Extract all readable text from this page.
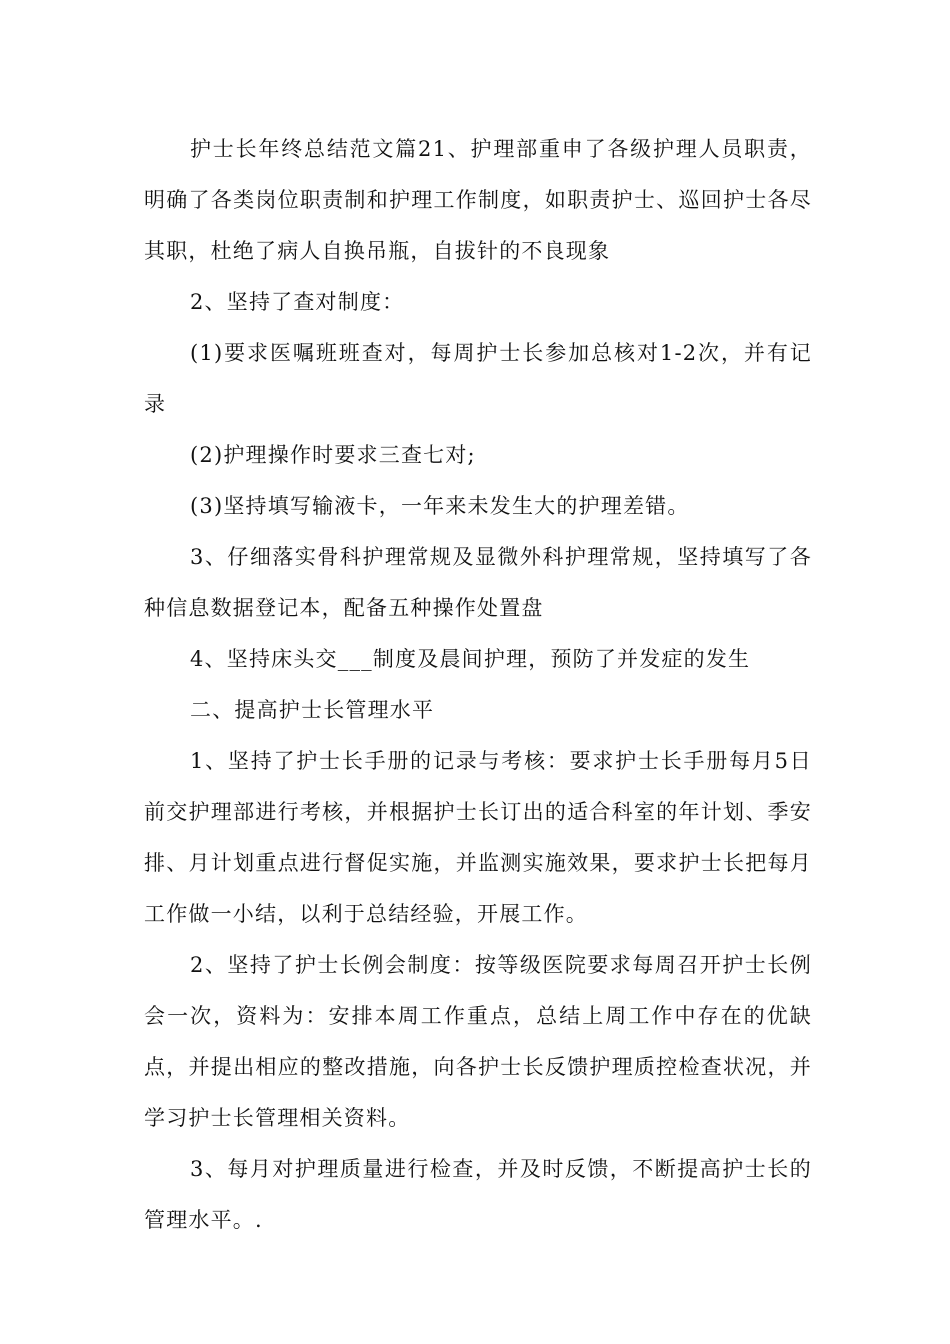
护士长年终总结范文篇21、护理部重申了各级护理人员职责，明确了各类岗位职责制和护理工作制度，如职责护士、巡回护士各尽其职，杜绝了病人自换吊瓶，自拔针的不良现象

2、坚持了查对制度：

(1)要求医嘱班班查对，每周护士长参加总核对1-2次，并有记录

(2)护理操作时要求三查七对;

(3)坚持填写输液卡，一年来未发生大的护理差错。

3、仔细落实骨科护理常规及显微外科护理常规，坚持填写了各种信息数据登记本，配备五种操作处置盘

4、坚持床头交___制度及晨间护理，预防了并发症的发生

二、提高护士长管理水平

1、坚持了护士长手册的记录与考核：要求护士长手册每月5日前交护理部进行考核，并根据护士长订出的适合科室的年计划、季安排、月计划重点进行督促实施，并监测实施效果，要求护士长把每月工作做一小结，以利于总结经验，开展工作。

2、坚持了护士长例会制度：按等级医院要求每周召开护士长例会一次，资料为：安排本周工作重点，总结上周工作中存在的优缺点，并提出相应的整改措施，向各护士长反馈护理质控检查状况，并学习护士长管理相关资料。

3、每月对护理质量进行检查，并及时反馈，不断提高护士长的管理水平。.
